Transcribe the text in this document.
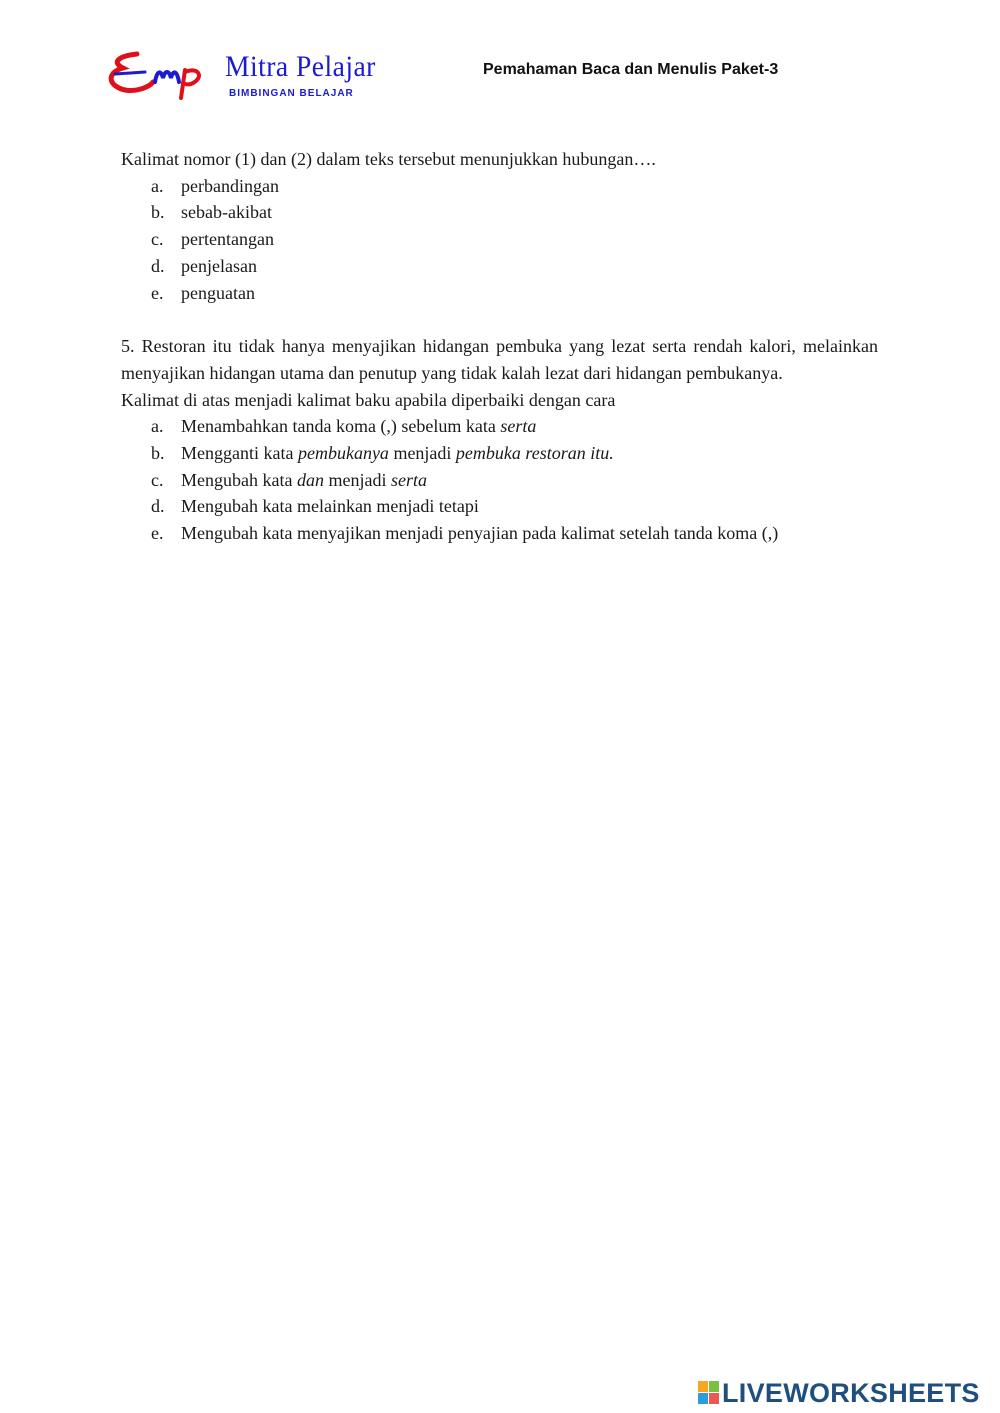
Mitra Pelajar
BIMBINGAN BELAJAR
Pemahaman Baca dan Menulis Paket-3

Kalimat nomor (1) dan (2) dalam teks tersebut menunjukkan hubungan….

a. perbandingan
b. sebab-akibat
c. pertentangan
d. penjelasan
e. penguatan

5. Restoran itu tidak hanya menyajikan hidangan pembuka yang lezat serta rendah kalori, melainkan menyajikan hidangan utama dan penutup yang tidak kalah lezat dari hidangan pembukanya.

Kalimat di atas menjadi kalimat baku apabila diperbaiki dengan cara

a. Menambahkan tanda koma (,) sebelum kata serta
b. Mengganti kata pembukanya menjadi pembuka restoran itu.
c. Mengubah kata dan menjadi serta
d. Mengubah kata melainkan menjadi tetapi
e. Mengubah kata menyajikan menjadi penyajian pada kalimat setelah tanda koma (,)
LIVEWORKSHEETS
